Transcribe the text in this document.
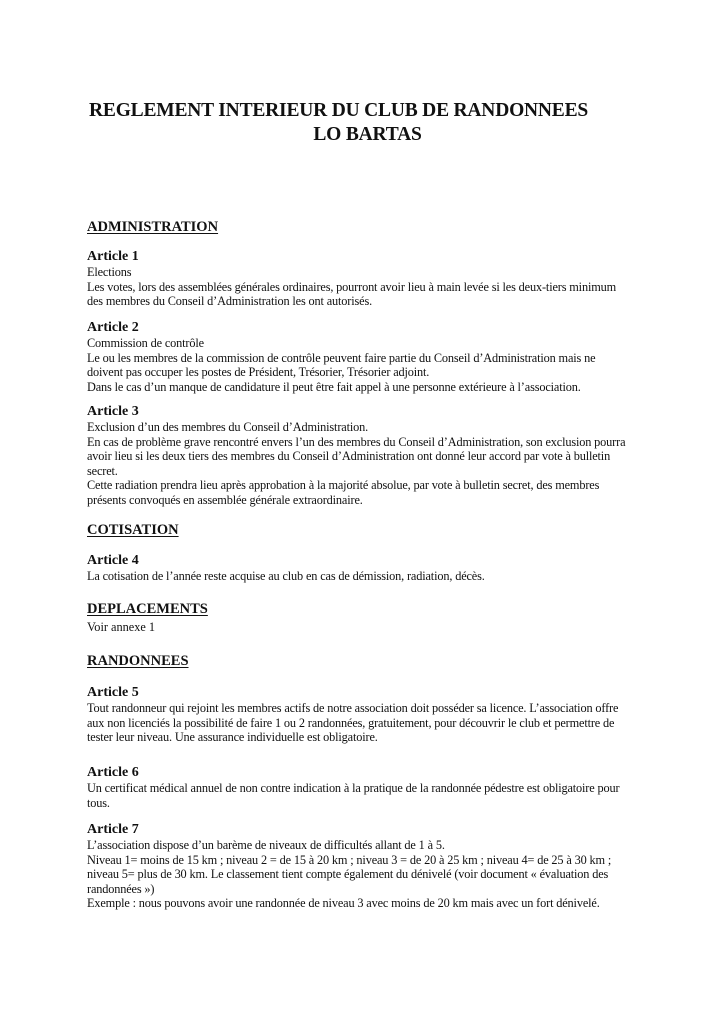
REGLEMENT INTERIEUR DU CLUB DE RANDONNEES
LO BARTAS
ADMINISTRATION
Article 1
Elections
Les votes, lors des assemblées générales ordinaires, pourront avoir lieu à main levée si les deux-tiers minimum
des membres du Conseil d’Administration les ont autorisés.
Article 2
Commission de contrôle
Le ou les membres de la commission de contrôle peuvent faire partie du Conseil d’Administration mais ne
doivent pas occuper les postes de Président, Trésorier, Trésorier adjoint.
Dans le cas d’un manque de candidature il peut être fait appel à une personne extérieure à l’association.
Article 3
Exclusion d’un des membres du Conseil d’Administration.
En cas de problème grave rencontré envers l’un des membres du Conseil d’Administration, son exclusion pourra
avoir lieu si les deux tiers des membres du Conseil d’Administration ont donné leur accord par vote à bulletin
secret.
Cette radiation prendra lieu après approbation à la majorité absolue, par vote à bulletin secret, des membres
présents convoqués en assemblée générale extraordinaire.
COTISATION
Article 4
La cotisation de l’année reste acquise au club en cas de démission, radiation, décès.
DEPLACEMENTS
Voir annexe 1
RANDONNEES
Article 5
Tout randonneur qui rejoint les membres actifs de notre association doit posséder sa licence. L’association offre
aux non licenciés la possibilité de faire 1 ou 2 randonnées, gratuitement, pour découvrir le club et permettre de
tester leur niveau. Une assurance individuelle est obligatoire.
Article 6
Un certificat médical annuel de non contre indication à la pratique de la randonnée pédestre est obligatoire pour
tous.
Article 7
L’association dispose d’un barème de niveaux de difficultés allant de 1 à 5.
Niveau 1= moins de 15 km ; niveau 2 = de 15 à 20 km ; niveau 3 = de 20 à 25 km ; niveau 4= de 25 à 30 km ;
niveau 5= plus de 30 km. Le classement tient compte également du dénivelé (voir document « évaluation des
randonnées »)
Exemple : nous pouvons avoir une randonnée de niveau 3 avec moins de 20 km mais avec un fort dénivelé.
